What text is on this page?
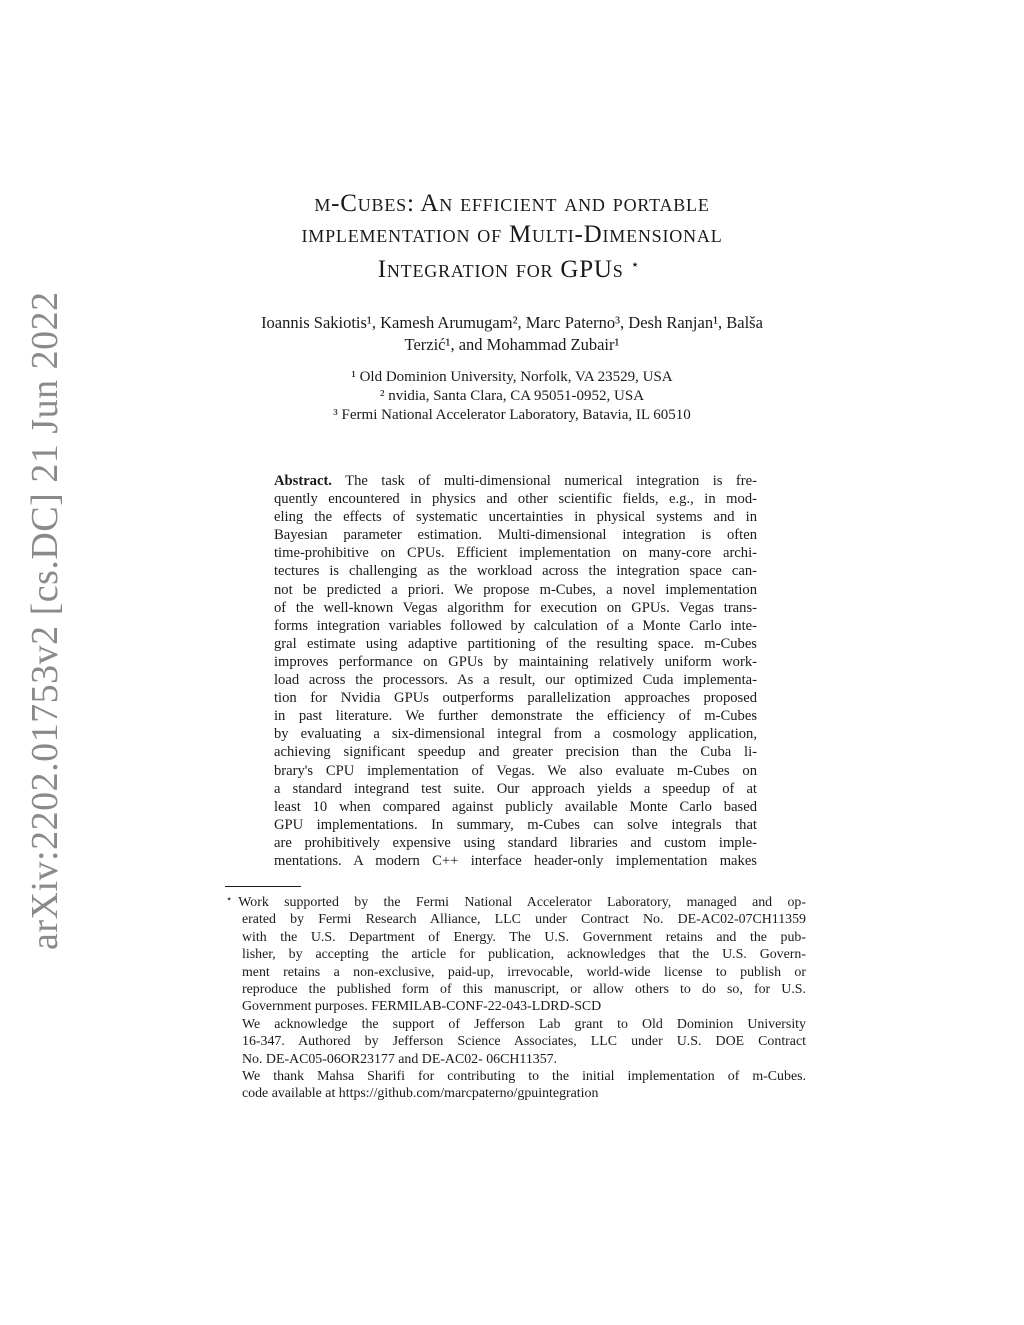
arXiv:2202.01753v2 [cs.DC] 21 Jun 2022
m-Cubes: An efficient and portable
implementation of Multi-Dimensional
Integration for GPUs ⋆
Ioannis Sakiotis¹, Kamesh Arumugam², Marc Paterno³, Desh Ranjan¹, Balša
Terzić¹, and Mohammad Zubair¹
¹ Old Dominion University, Norfolk, VA 23529, USA
² nvidia, Santa Clara, CA 95051-0952, USA
³ Fermi National Accelerator Laboratory, Batavia, IL 60510
Abstract. The task of multi-dimensional numerical integration is fre-
quently encountered in physics and other scientific fields, e.g., in mod-
eling the effects of systematic uncertainties in physical systems and in
Bayesian parameter estimation. Multi-dimensional integration is often
time-prohibitive on CPUs. Efficient implementation on many-core archi-
tectures is challenging as the workload across the integration space can-
not be predicted a priori. We propose m-Cubes, a novel implementation
of the well-known Vegas algorithm for execution on GPUs. Vegas trans-
forms integration variables followed by calculation of a Monte Carlo inte-
gral estimate using adaptive partitioning of the resulting space. m-Cubes
improves performance on GPUs by maintaining relatively uniform work-
load across the processors. As a result, our optimized Cuda implementa-
tion for Nvidia GPUs outperforms parallelization approaches proposed
in past literature. We further demonstrate the efficiency of m-Cubes
by evaluating a six-dimensional integral from a cosmology application,
achieving significant speedup and greater precision than the Cuba li-
brary's CPU implementation of Vegas. We also evaluate m-Cubes on
a standard integrand test suite. Our approach yields a speedup of at
least 10 when compared against publicly available Monte Carlo based
GPU implementations. In summary, m-Cubes can solve integrals that
are prohibitively expensive using standard libraries and custom imple-
mentations. A modern C++ interface header-only implementation makes
⋆ Work supported by the Fermi National Accelerator Laboratory, managed and op-
erated by Fermi Research Alliance, LLC under Contract No. DE-AC02-07CH11359
with the U.S. Department of Energy. The U.S. Government retains and the pub-
lisher, by accepting the article for publication, acknowledges that the U.S. Govern-
ment retains a non-exclusive, paid-up, irrevocable, world-wide license to publish or
reproduce the published form of this manuscript, or allow others to do so, for U.S.
Government purposes. FERMILAB-CONF-22-043-LDRD-SCD
We acknowledge the support of Jefferson Lab grant to Old Dominion University
16-347. Authored by Jefferson Science Associates, LLC under U.S. DOE Contract
No. DE-AC05-06OR23177 and DE-AC02- 06CH11357.
We thank Mahsa Sharifi for contributing to the initial implementation of m-Cubes.
code available at https://github.com/marcpaterno/gpuintegration
